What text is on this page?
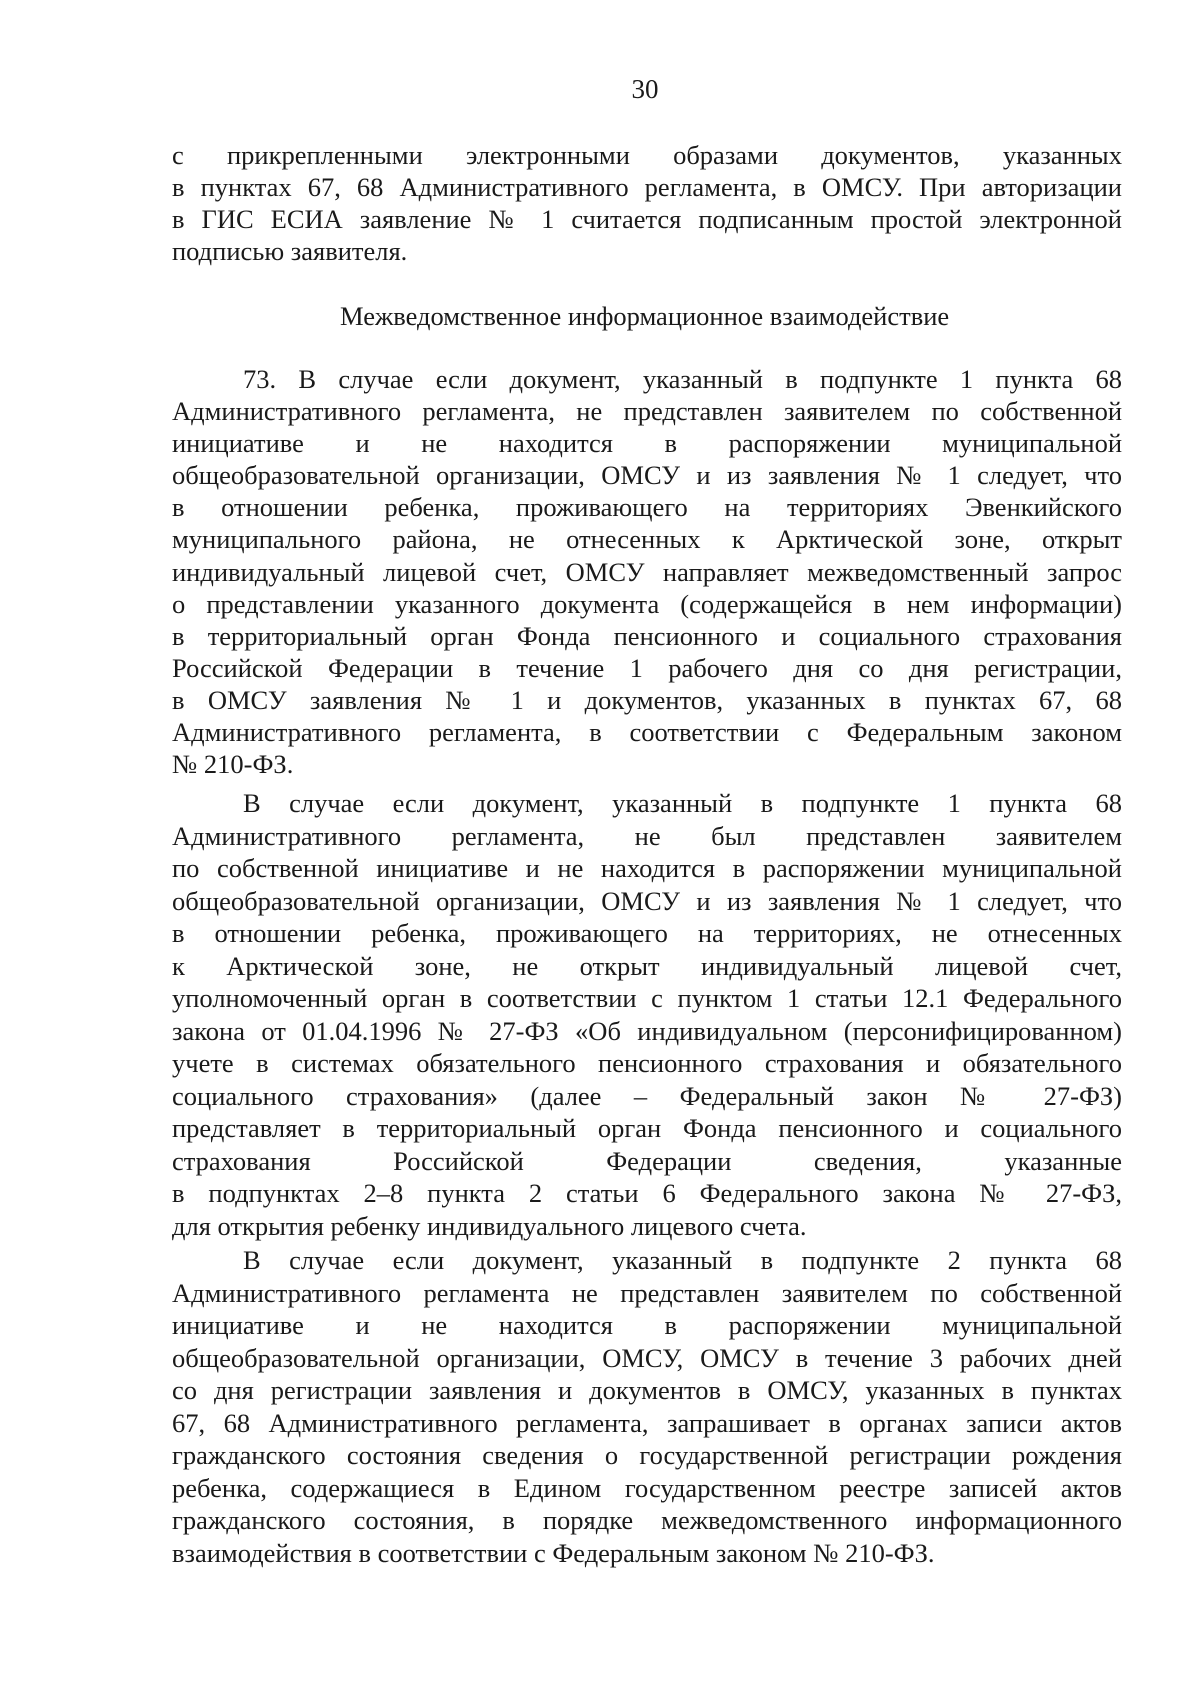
30
с прикрепленными электронными образами документов, указанных
в пунктах 67, 68 Административного регламента, в ОМСУ. При авторизации
в ГИС ЕСИА заявление № 1 считается подписанным простой электронной
подписью заявителя.
Межведомственное информационное взаимодействие
73. В случае если документ, указанный в подпункте 1 пункта 68
Административного регламента, не представлен заявителем по собственной
инициативе и не находится в распоряжении муниципальной
общеобразовательной организации, ОМСУ и из заявления № 1 следует, что
в отношении ребенка, проживающего на территориях Эвенкийского
муниципального района, не отнесенных к Арктической зоне, открыт
индивидуальный лицевой счет, ОМСУ направляет межведомственный запрос
о представлении указанного документа (содержащейся в нем информации)
в территориальный орган Фонда пенсионного и социального страхования
Российской Федерации в течение 1 рабочего дня со дня регистрации,
в ОМСУ заявления № 1 и документов, указанных в пунктах 67, 68
Административного регламента, в соответствии с Федеральным законом
№ 210-ФЗ.
В случае если документ, указанный в подпункте 1 пункта 68
Административного регламента, не был представлен заявителем
по собственной инициативе и не находится в распоряжении муниципальной
общеобразовательной организации, ОМСУ и из заявления № 1 следует, что
в отношении ребенка, проживающего на территориях, не отнесенных
к Арктической зоне, не открыт индивидуальный лицевой счет,
уполномоченный орган в соответствии с пунктом 1 статьи 12.1 Федерального
закона от 01.04.1996 № 27-ФЗ «Об индивидуальном (персонифицированном)
учете в системах обязательного пенсионного страхования и обязательного
социального страхования» (далее – Федеральный закон № 27-ФЗ)
представляет в территориальный орган Фонда пенсионного и социального
страхования Российской Федерации сведения, указанные
в подпунктах 2–8 пункта 2 статьи 6 Федерального закона № 27-ФЗ,
для открытия ребенку индивидуального лицевого счета.
В случае если документ, указанный в подпункте 2 пункта 68
Административного регламента не представлен заявителем по собственной
инициативе и не находится в распоряжении муниципальной
общеобразовательной организации, ОМСУ, ОМСУ в течение 3 рабочих дней
со дня регистрации заявления и документов в ОМСУ, указанных в пунктах
67, 68 Административного регламента, запрашивает в органах записи актов
гражданского состояния сведения о государственной регистрации рождения
ребенка, содержащиеся в Едином государственном реестре записей актов
гражданского состояния, в порядке межведомственного информационного
взаимодействия в соответствии с Федеральным законом № 210-ФЗ.
